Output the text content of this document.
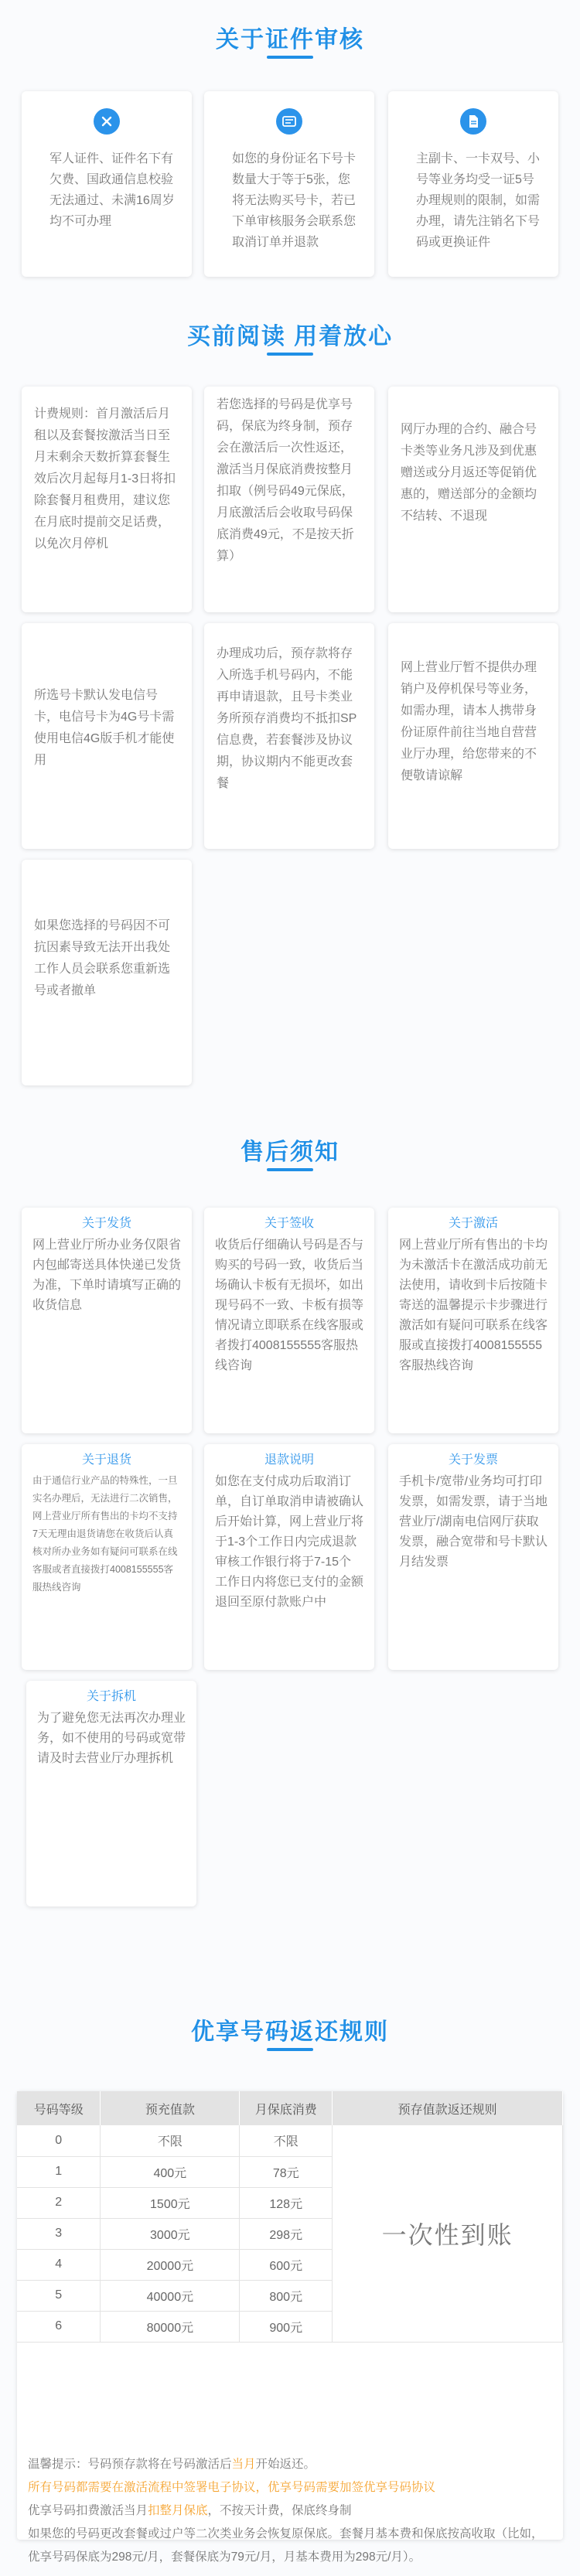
关于证件审核
军人证件、证件名下有欠费、国政通信息校验无法通过、未满16周岁均不可办理
如您的身份证名下号卡数量大于等于5张，您将无法购买号卡，若已下单审核服务会联系您取消订单并退款
主副卡、一卡双号、小号等业务均受一证5号办理规则的限制，如需办理，请先注销名下号码或更换证件
买前阅读 用着放心
计费规则：首月激活后月租以及套餐按激活当日至月末剩余天数折算套餐生效后次月起每月1-3日将扣除套餐月租费用，建议您在月底时提前交足话费，以免次月停机
若您选择的号码是优享号码，保底为终身制，预存会在激活后一次性返还，激活当月保底消费按整月扣取（例号码49元保底，月底激活后会收取号码保底消费49元，不是按天折算）
网厅办理的合约、融合号卡类等业务凡涉及到优惠赠送或分月返还等促销优惠的，赠送部分的金额均不结转、不退现
所选号卡默认发电信号卡，电信号卡为4G号卡需使用电信4G版手机才能使用
办理成功后，预存款将存入所选手机号码内，不能再申请退款，且号卡类业务所预存消费均不抵扣SP信息费，若套餐涉及协议期，协议期内不能更改套餐
网上营业厅暂不提供办理销户及停机保号等业务，如需办理，请本人携带身份证原件前往当地自营营业厅办理，给您带来的不便敬请谅解
如果您选择的号码因不可抗因素导致无法开出我处工作人员会联系您重新选号或者撤单
售后须知
关于发货
网上营业厅所办业务仅限省内包邮寄送具体快递已发货为准，下单时请填写正确的收货信息
关于签收
收货后仔细确认号码是否与购买的号码一致，收货后当场确认卡板有无损坏，如出现号码不一致、卡板有损等情况请立即联系在线客服或者拨打4008155555客服热线咨询
关于激活
网上营业厅所有售出的卡均为未激活卡在激活成功前无法使用，请收到卡后按随卡寄送的温馨提示卡步骤进行激活如有疑问可联系在线客服或直接拨打4008155555客服热线咨询
关于退货
由于通信行业产品的特殊性，一旦实名办理后，无法进行二次销售，网上营业厅所有售出的卡均不支持7天无理由退货请您在收货后认真核对所办业务如有疑问可联系在线客服或者直接拨打4008155555客服热线咨询
退款说明
如您在支付成功后取消订单，自订单取消申请被确认后开始计算，网上营业厅将于1-3个工作日内完成退款审核工作银行将于7-15个工作日内将您已支付的金额退回至原付款账户中
关于发票
手机卡/宽带/业务均可打印发票，如需发票，请于当地营业厅/湖南电信网厅获取发票，融合宽带和号卡默认月结发票
关于拆机
为了避免您无法再次办理业务，如不使用的号码或宽带请及时去营业厅办理拆机
优享号码返还规则
号码等级	预充值款	月保底消费	预存值款返还规则
0	不限	不限	一次性到账
1	400元	78元	
2	1500元	128元	
3	3000元	298元	
4	20000元	600元	
5	40000元	800元	
6	80000元	900元	
温馨提示：号码预存款将在号码激活后当月开始返还。
所有号码都需要在激活流程中签署电子协议，优享号码需要加签优享号码协议
优享号码扣费激活当月扣整月保底，不按天计费，保底终身制
如果您的号码更改套餐或过户等二次类业务会恢复原保底。套餐月基本费和保底按高收取（比如，优享号码保底为298元/月，套餐保底为79元/月，月基本费用为298元/月）。
